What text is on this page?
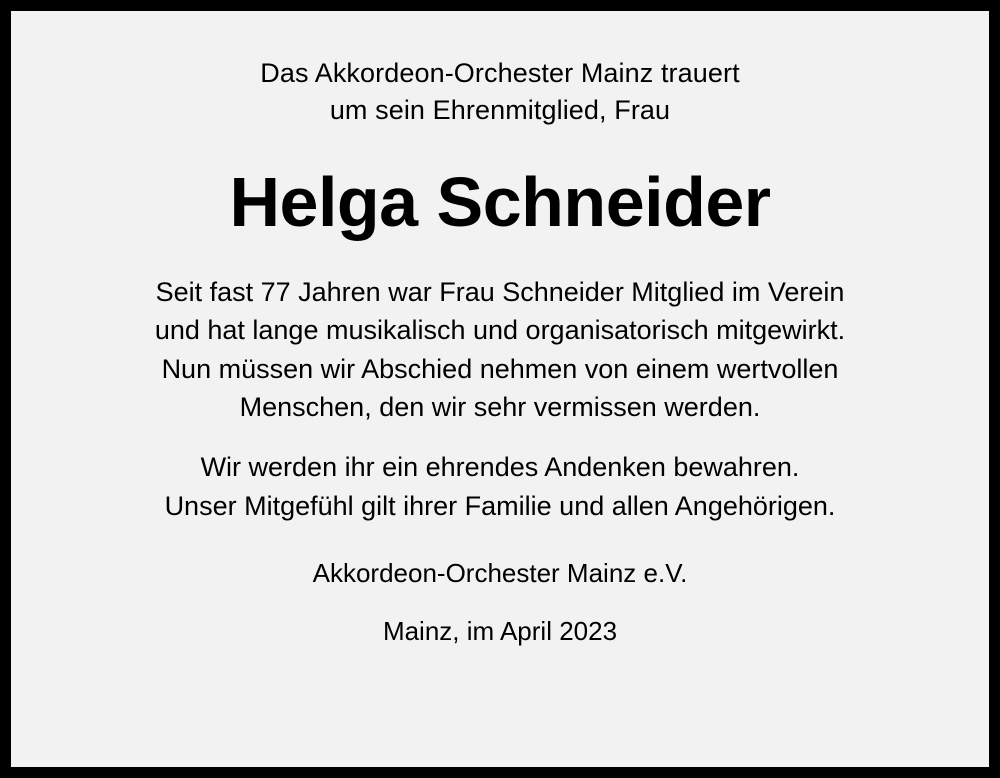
Das Akkordeon-Orchester Mainz trauert
um sein Ehrenmitglied, Frau
Helga Schneider
Seit fast 77 Jahren war Frau Schneider Mitglied im Verein
und hat lange musikalisch und organisatorisch mitgewirkt.
Nun müssen wir Abschied nehmen von einem wertvollen
Menschen, den wir sehr vermissen werden.
Wir werden ihr ein ehrendes Andenken bewahren.
Unser Mitgefühl gilt ihrer Familie und allen Angehörigen.
Akkordeon-Orchester Mainz e.V.
Mainz, im April 2023
